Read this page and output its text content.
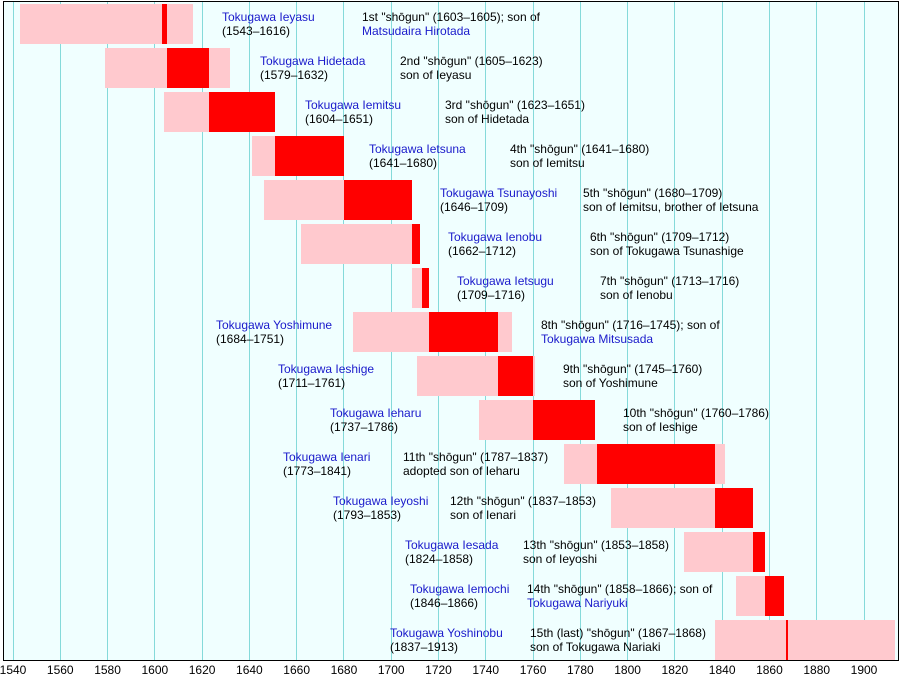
Tokugawa Ieyasu
(1543–1616)
1st "shōgun" (1603–1605); son of
Matsudaira Hirotada
Tokugawa Hidetada
(1579–1632)
2nd "shōgun" (1605–1623)
son of Ieyasu
Tokugawa Iemitsu
(1604–1651)
3rd "shōgun" (1623–1651)
son of Hidetada
Tokugawa Ietsuna
(1641–1680)
4th "shōgun" (1641–1680)
son of Iemitsu
Tokugawa Tsunayoshi
(1646–1709)
5th "shōgun" (1680–1709)
son of Iemitsu, brother of Ietsuna
Tokugawa Ienobu
(1662–1712)
6th "shōgun" (1709–1712)
son of Tokugawa Tsunashige
Tokugawa Ietsugu
(1709–1716)
7th "shōgun" (1713–1716)
son of Ienobu
Tokugawa Yoshimune
(1684–1751)
8th "shōgun" (1716–1745); son of
Tokugawa Mitsusada
Tokugawa Ieshige
(1711–1761)
9th "shōgun" (1745–1760)
son of Yoshimune
Tokugawa Ieharu
(1737–1786)
10th "shōgun" (1760–1786)
son of Ieshige
Tokugawa Ienari
(1773–1841)
11th "shōgun" (1787–1837)
adopted son of Ieharu
Tokugawa Ieyoshi
(1793–1853)
12th "shōgun" (1837–1853)
son of Ienari
Tokugawa Iesada
(1824–1858)
13th "shōgun" (1853–1858)
son of Ieyoshi
Tokugawa Iemochi
(1846–1866)
14th "shōgun" (1858–1866); son of
Tokugawa Nariyuki
Tokugawa Yoshinobu
(1837–1913)
15th (last) "shōgun" (1867–1868)
son of Tokugawa Nariaki
1540 1560 1580 1600 1620 1640 1660 1680 1700 1720 1740 1760 1780 1800 1820 1840 1860 1880 1900
